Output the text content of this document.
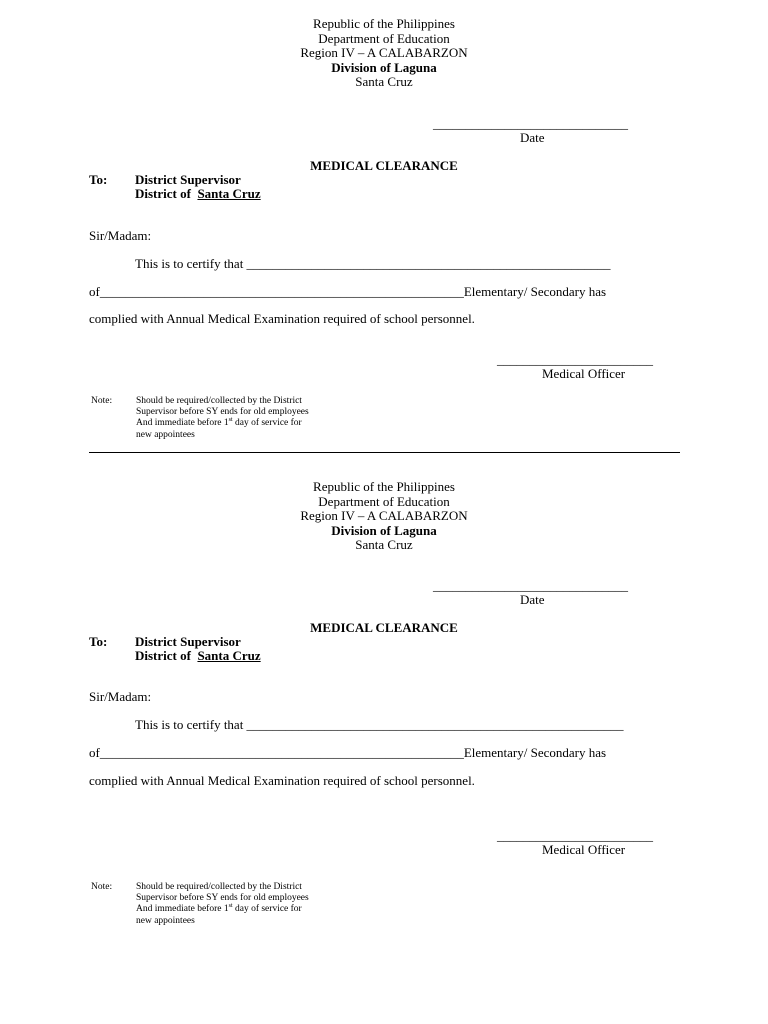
Republic of the Philippines
Department of Education
Region IV – A CALABARZON
Division of Laguna
Santa Cruz
______________________________
Date
MEDICAL CLEARANCE
To: District Supervisor
District of Santa Cruz
Sir/Madam:
This is to certify that ________________________________________________________
of________________________________________________________Elementary/ Secondary has
complied with Annual Medical Examination required of school personnel.
________________________
Medical Officer
Note:	Should be required/collected by the District
Supervisor before SY ends for old employees
And immediate before 1st day of service for
new appointees
Republic of the Philippines
Department of Education
Region IV – A CALABARZON
Division of Laguna
Santa Cruz
______________________________
Date
MEDICAL CLEARANCE
To: District Supervisor
District of Santa Cruz
Sir/Madam:
This is to certify that __________________________________________________________
of________________________________________________________Elementary/ Secondary has
complied with Annual Medical Examination required of school personnel.
________________________
Medical Officer
Note:	Should be required/collected by the District
Supervisor before SY ends for old employees
And immediate before 1st day of service for
new appointees
